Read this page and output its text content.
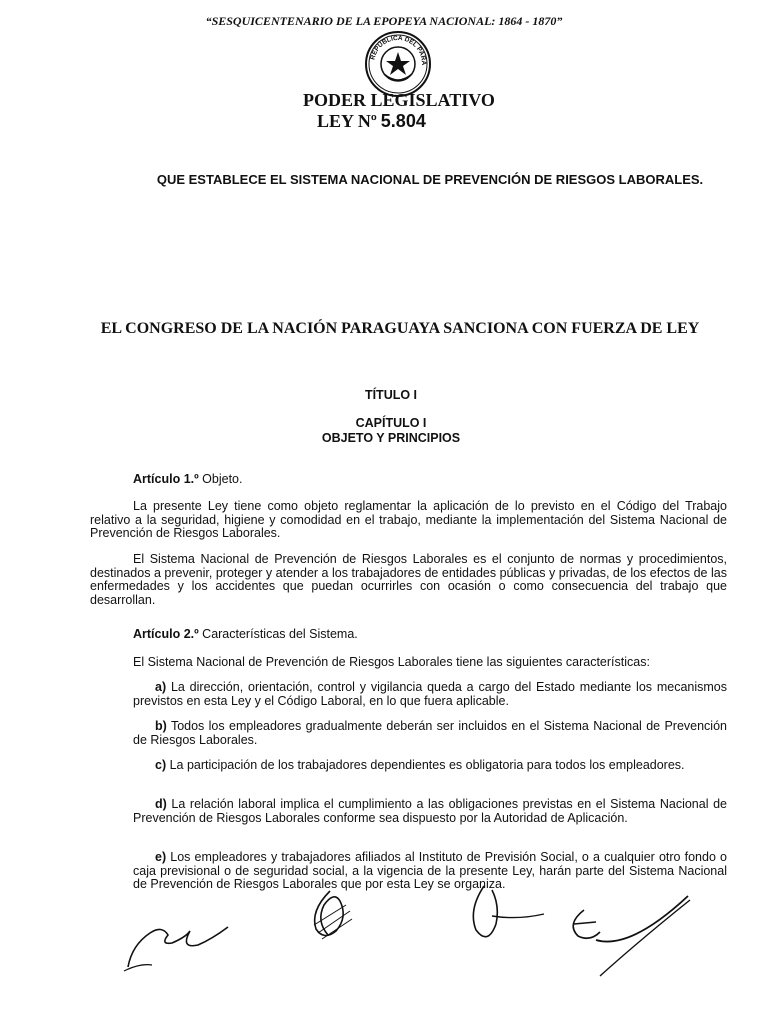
“SESQUICENTENARIO DE LA EPOPEYA NACIONAL: 1864 - 1870”
REPÚBLICA DEL PARA
PODER LEGISLATIVO
LEY Nº 5.804
QUE ESTABLECE EL SISTEMA NACIONAL DE PREVENCIÓN DE RIESGOS LABORALES.
EL CONGRESO DE LA NACIÓN PARAGUAYA SANCIONA CON FUERZA DE LEY
TÍTULO I
CAPÍTULO I
OBJETO Y PRINCIPIOS
Artículo 1.º Objeto.
La presente Ley tiene como objeto reglamentar la aplicación de lo previsto en el Código del Trabajo relativo a la seguridad, higiene y comodidad en el trabajo, mediante la implementación del Sistema Nacional de Prevención de Riesgos Laborales.
El Sistema Nacional de Prevención de Riesgos Laborales es el conjunto de normas y procedimientos, destinados a prevenir, proteger y atender a los trabajadores de entidades públicas y privadas, de los efectos de las enfermedades y los accidentes que puedan ocurrirles con ocasión o como consecuencia del trabajo que desarrollan.
Artículo 2.º Características del Sistema.
El Sistema Nacional de Prevención de Riesgos Laborales tiene las siguientes características:
a) La dirección, orientación, control y vigilancia queda a cargo del Estado mediante los mecanismos previstos en esta Ley y el Código Laboral, en lo que fuera aplicable.
b) Todos los empleadores gradualmente deberán ser incluidos en el Sistema Nacional de Prevención de Riesgos Laborales.
c) La participación de los trabajadores dependientes es obligatoria para todos los empleadores.
d) La relación laboral implica el cumplimiento a las obligaciones previstas en el Sistema Nacional de Prevención de Riesgos Laborales conforme sea dispuesto por la Autoridad de Aplicación.
e) Los empleadores y trabajadores afiliados al Instituto de Previsión Social, o a cualquier otro fondo o caja previsional o de seguridad social, a la vigencia de la presente Ley, harán parte del Sistema Nacional de Prevención de Riesgos Laborales que por esta Ley se organiza.
